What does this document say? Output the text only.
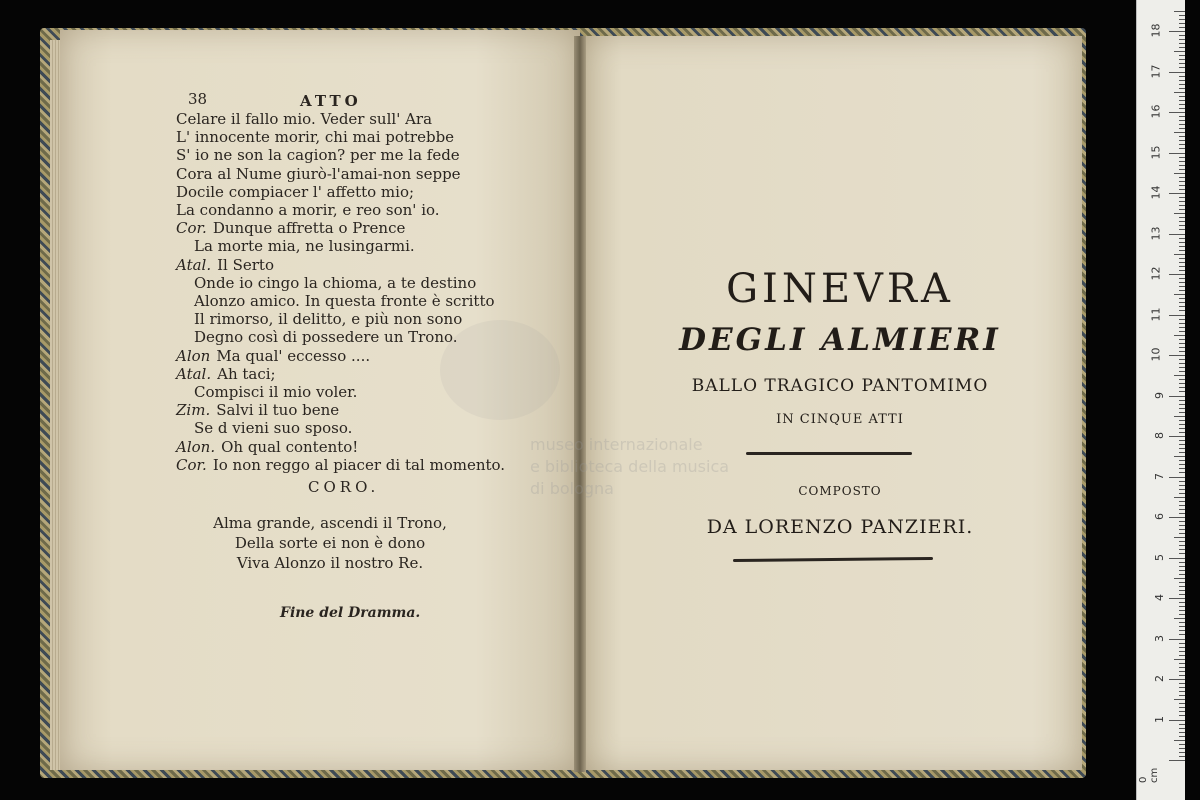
museo internazionale
e biblioteca della musica
di bologna
38	ATTO
Celare il fallo mio. Veder sull' Ara
L' innocente morir, chi mai potrebbe
S' io ne son la cagion? per me la fede
Cora al Nume giurò-l'amai-non seppe
Docile compiacer l' affetto mio;
La condanno a morir, e reo son' io.
Cor. Dunque affretta o Prence
La morte mia, ne lusingarmi.
Atal. Il Serto
Onde io cingo la chioma, a te destino
Alonzo amico. In questa fronte è scritto
Il rimorso, il delitto, e più non sono
Degno così di possedere un Trono.
Alon Ma qual' eccesso ....
Atal. Ah taci;
Compisci il mio voler.
Zim. Salvi il tuo bene
Se d vieni suo sposo.
Alon. Oh qual contento!
Cor. Io non reggo al piacer di tal momento.
CORO.
Alma grande, ascendi il Trono,
Della sorte ei non è dono
Viva Alonzo il nostro Re.
Fine del Dramma.
GINEVRA
DEGLI ALMIERI
BALLO TRAGICO PANTOMIMO
IN CINQUE ATTI
COMPOSTO
DA LORENZO PANZIERI.
0 cm
1
2
3
4
5
6
7
8
9
10
11
12
13
14
15
16
17
18
